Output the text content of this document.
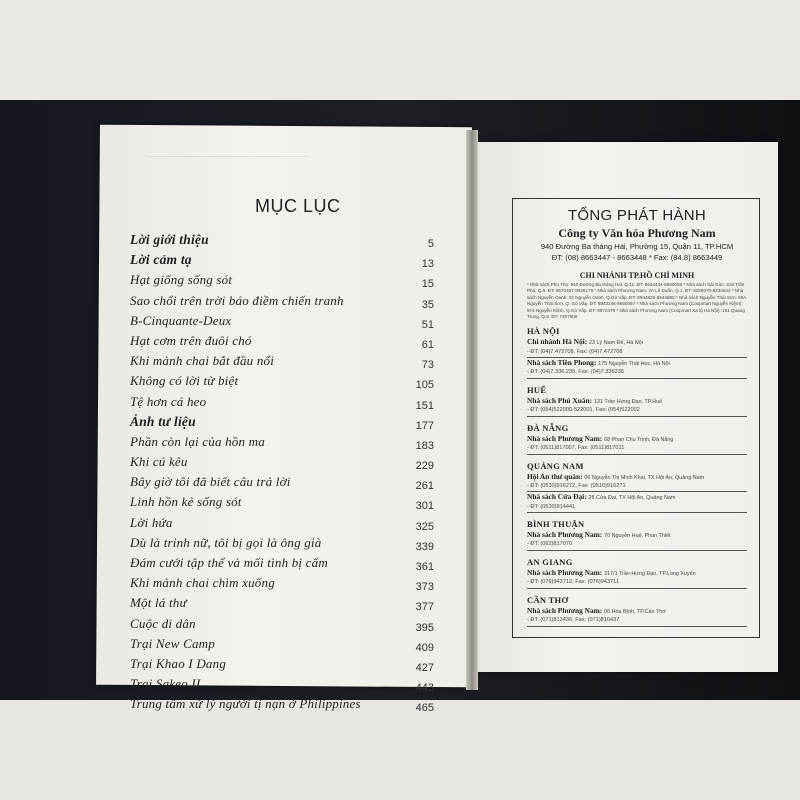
MỤC LỤC
Lời giới thiệu	5
Lời cảm tạ	13
Hạt giống sống sót	15
Sao chổi trên trời báo điềm chiến tranh	35
B-Cinquante-Deux	51
Hạt cơm trên đuôi chó	61
Khi mảnh chai bắt đầu nổi	73
Không có lời từ biệt	105
Tệ hơn cá heo	151
Ảnh tư liệu	177
Phần còn lại của hồn ma	183
Khi cú kêu	229
Bây giờ tôi đã biết câu trả lời	261
Linh hồn kẻ sống sót	301
Lời hứa	325
Dù là trinh nữ, tôi bị gọi là ông già	339
Đám cưới tập thể và mối tình bị cấm	361
Khi mảnh chai chìm xuống	373
Một lá thư	377
Cuộc di dân	395
Trại New Camp	409
Trại Khao I Dang	427
Trại Sakeo II	443
Trung tâm xử lý người tị nạn ở Philippines	465

TỔNG PHÁT HÀNH

Công ty Văn hóa Phương Nam

940 Đường Ba tháng Hai, Phường 15, Quận 11, TP.HCM

ĐT: (08) 8663447 - 8663448 * Fax: (84.8) 8663449

CHI NHÁNH TP.HỒ CHÍ MINH

* Nhà sách Phú Thọ: 940 Đường Ba tháng Hai, Q.11. ĐT: 8644444-8650055 * Nhà sách Sài Gòn: 418 Trần Phú, Q.5. ĐT: 8570467-9626175 * Nhà sách Phương Nam: 2A Lê Duẩn, Q.1. ĐT: 8229370-8234542 * Nhà sách Nguyễn Oanh: 02 Nguyễn Oanh, Q.Gò Vấp. ĐT: 8944825-8944880 * Nhà sách Nguyễn Thái Sơn: 86A Nguyễn Thái Sơn, Q. Gò Vấp. ĐT: 8943246-8650057 * Nhà sách Phương Nam (Coopmart Nguyễn Kiệm): 574 Nguyễn Kiệm, Q.Gò Vấp. ĐT: 9972479 * Nhà sách Phương Nam (Coopmart Xa lộ Hà Nội): 191 Quang Trung, Q.9. ĐT: 7307508

HÀ NỘI

Chi nhánh Hà Nội: 23 Lý Nam Đế, Hà Nội

- ĐT: (04)7.472708, Fax: (04)7.472708

Nhà sách Tiền Phong: 175 Nguyễn Thái Học, Hà Nội

- ĐT: (04)7.336.235, Fax: (04)7.336236

HUẾ

Nhà sách Phú Xuân: 131 Trần Hưng Đạo, TP.Huế

- ĐT: (054)522000-522001, Fax: (054)522002

ĐÀ NẴNG

Nhà sách Phương Nam: 68 Phan Chu Trinh, Đà Nẵng

- ĐT: (0511)817007, Fax: (0511)817011

QUẢNG NAM

Hội An thư quán: 06 Nguyễn Thị Minh Khai, TX Hội An, Quảng Nam

- ĐT: (0510)916272, Fax: (0510)916271

Nhà sách Cửa Đại: 28 Cửa Đại, TX Hội An, Quảng Nam

- ĐT: (0510)914441

BÌNH THUẬN

Nhà sách Phương Nam: 70 Nguyễn Huệ, Phan Thiết

- ĐT: (062)817070

AN GIANG

Nhà sách Phương Nam: 317/1 Trần Hưng Đạo, TP.Long Xuyên

- ĐT: (076)943712, Fax: (076)943711

CẦN THƠ

Nhà sách Phương Nam: 06 Hòa Bình, TP.Cần Thơ

- ĐT: (071)813436, Fax: (071)810437
